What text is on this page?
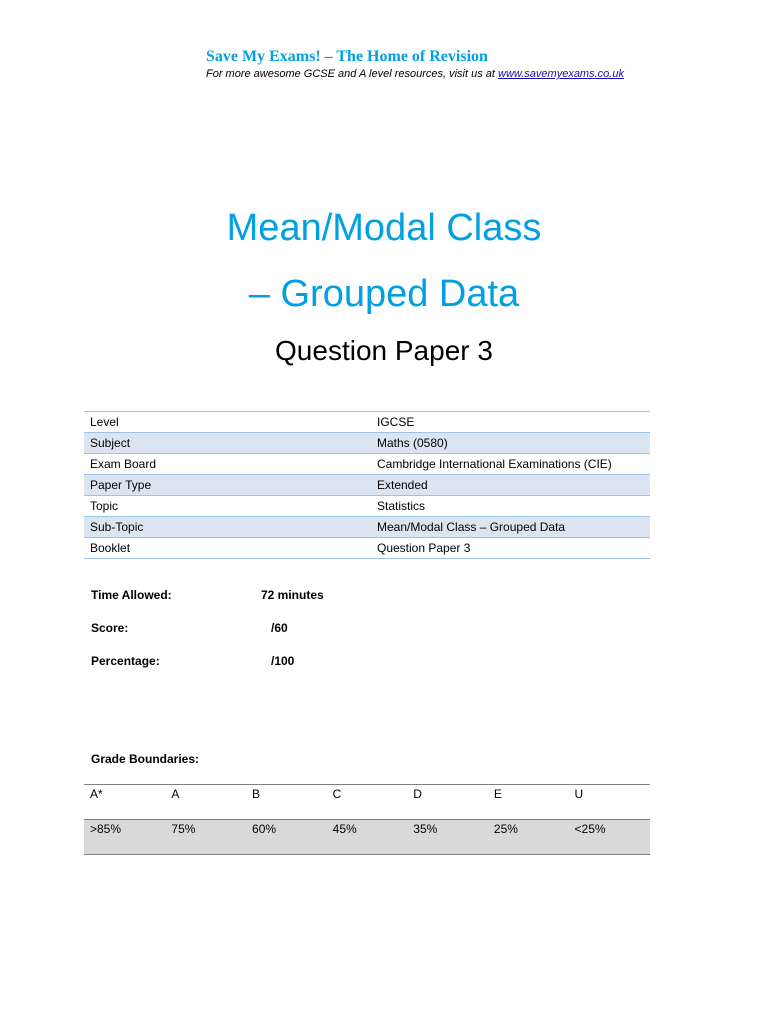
Save My Exams! – The Home of Revision
For more awesome GCSE and A level resources, visit us at www.savemyexams.co.uk
Mean/Modal Class
– Grouped Data
Question Paper 3
Level	IGCSE
Subject	Maths (0580)
Exam Board	Cambridge International Examinations (CIE)
Paper Type	Extended
Topic	Statistics
Sub-Topic	Mean/Modal Class – Grouped Data
Booklet	Question Paper 3
Time Allowed:	72 minutes
Score:	/60
Percentage:	/100
Grade Boundaries:
A*	A	B	C	D	E	U
>85%	75%	60%	45%	35%	25%	<25%
